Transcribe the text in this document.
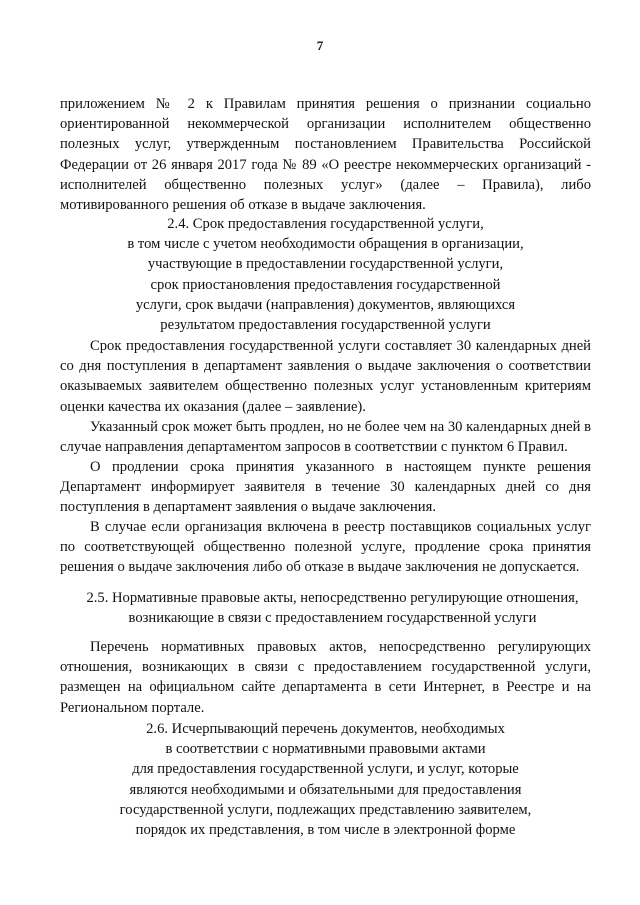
7
приложением № 2 к Правилам принятия решения о признании социально
ориентированной некоммерческой организации исполнителем общественно
полезных услуг, утвержденным постановлением Правительства Российской
Федерации от 26 января 2017 года № 89 «О реестре некоммерческих организаций -
исполнителей общественно полезных услуг» (далее – Правила), либо
мотивированного решения об отказе в выдаче заключения.
2.4. Срок предоставления государственной услуги,
в том числе с учетом необходимости обращения в организации,
участвующие в предоставлении государственной услуги,
срок приостановления предоставления государственной
услуги, срок выдачи (направления) документов, являющихся
результатом предоставления государственной услуги
Срок предоставления государственной услуги составляет 30 календарных дней
со дня поступления в департамент заявления о выдаче заключения о соответствии
оказываемых заявителем общественно полезных услуг установленным критериям
оценки качества их оказания (далее – заявление).
Указанный срок может быть продлен, но не более чем на 30 календарных дней в
случае направления департаментом запросов в соответствии с пунктом 6 Правил.
О продлении срока принятия указанного в настоящем пункте решения
Департамент информирует заявителя в течение 30 календарных дней со дня
поступления в департамент заявления о выдаче заключения.
В случае если организация включена в реестр поставщиков социальных услуг
по соответствующей общественно полезной услуге, продление срока принятия
решения о выдаче заключения либо об отказе в выдаче заключения не допускается.
2.5. Нормативные правовые акты, непосредственно регулирующие отношения,
возникающие в связи с предоставлением государственной услуги
Перечень нормативных правовых актов, непосредственно регулирующих
отношения, возникающих в связи с предоставлением государственной услуги,
размещен на официальном сайте департамента в сети Интернет, в Реестре и на
Региональном портале.
2.6. Исчерпывающий перечень документов, необходимых
в соответствии с нормативными правовыми актами
для предоставления государственной услуги, и услуг, которые
являются необходимыми и обязательными для предоставления
государственной услуги, подлежащих представлению заявителем,
порядок их представления, в том числе в электронной форме
